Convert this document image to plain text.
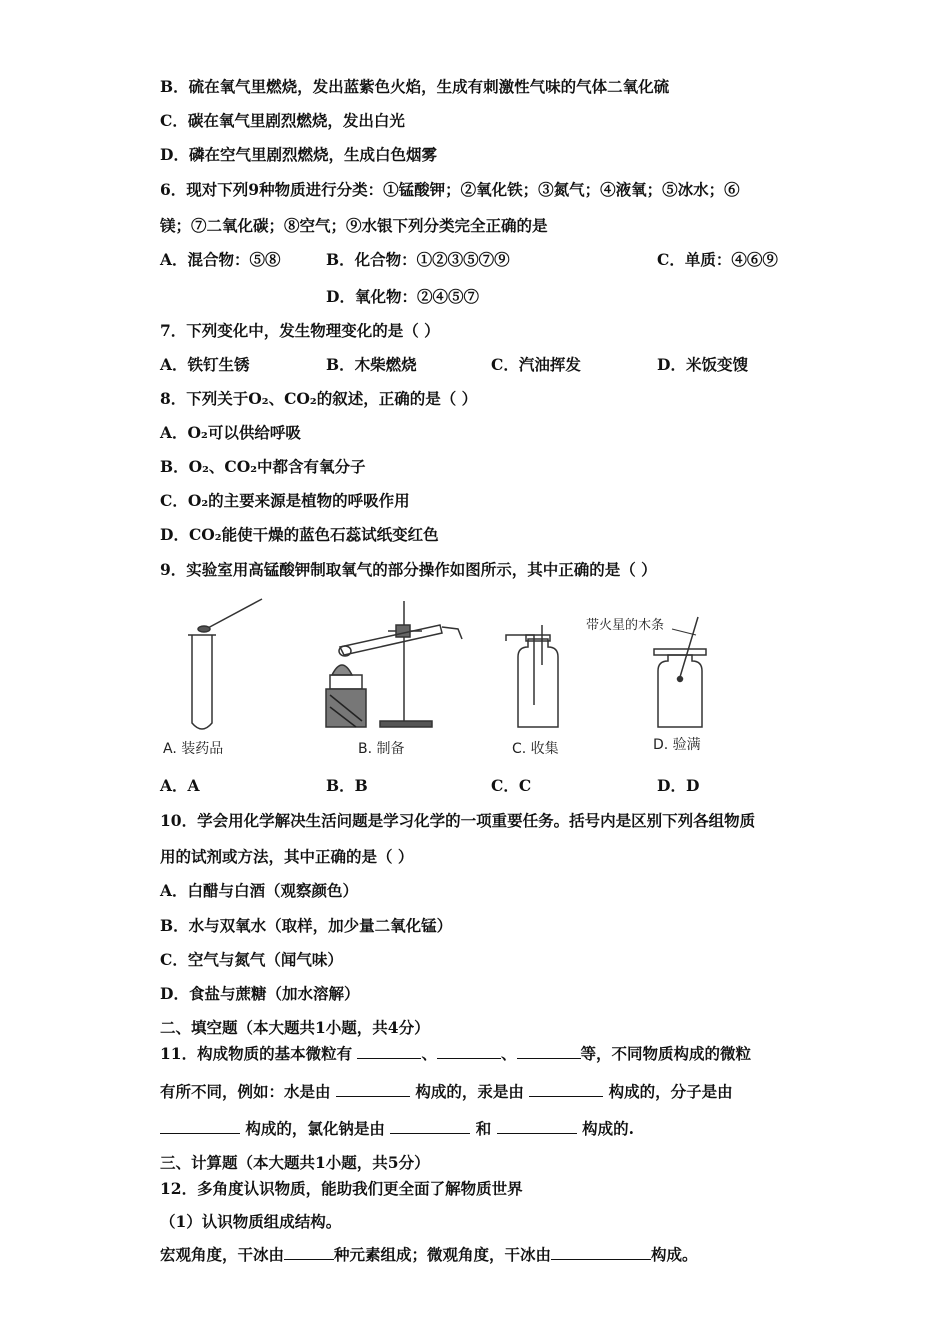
B．硫在氧气里燃烧，发出蓝紫色火焰，生成有刺激性气味的气体二氧化硫
C．碳在氧气里剧烈燃烧，发出白光
D．磷在空气里剧烈燃烧，生成白色烟雾
6．现对下列9种物质进行分类：①锰酸钾；②氧化铁；③氮气；④液氧；⑤冰水；⑥
镁；⑦二氧化碳；⑧空气；⑨水银下列分类完全正确的是
A．混合物：⑤⑧	B．化合物：①②③⑤⑦⑨	C．单质：④⑥⑨
D．氧化物：②④⑤⑦
7．下列变化中，发生物理变化的是（ ）
A．铁钉生锈	B．木柴燃烧	C．汽油挥发	D．米饭变馊
8．下列关于O₂、CO₂的叙述，正确的是（ ）
A．O₂可以供给呼吸
B．O₂、CO₂中都含有氧分子
C．O₂的主要来源是植物的呼吸作用
D．CO₂能使干燥的蓝色石蕊试纸变红色
9．实验室用高锰酸钾制取氧气的部分操作如图所示，其中正确的是（ ）
带火星的木条
A. 装药品	B. 制备	C. 收集	D. 验满
A．A	B．B	C．C	D．D
10．学会用化学解决生活问题是学习化学的一项重要任务。括号内是区别下列各组物质
用的试剂或方法，其中正确的是（ ）
A．白醋与白酒（观察颜色）
B．水与双氧水（取样，加少量二氧化锰）
C．空气与氮气（闻气味）
D．食盐与蔗糖（加水溶解）
二、填空题（本大题共1小题，共4分）
11．构成物质的基本微粒有	、	、	等，不同物质构成的微粒
有所不同，例如：水是由	构成的，汞是由	构成的，分子是由
构成的，氯化钠是由	和	构成的.
三、计算题（本大题共1小题，共5分）
12．多角度认识物质，能助我们更全面了解物质世界
（1）认识物质组成结构。
宏观角度，干冰由	种元素组成；微观角度，干冰由	构成。
